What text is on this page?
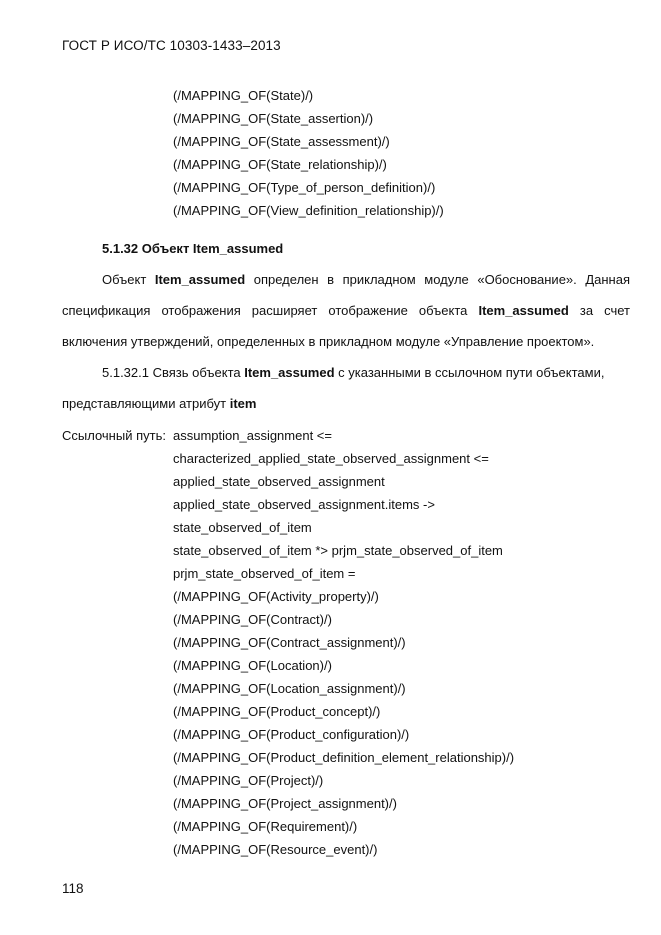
ГОСТ Р ИСО/ТС 10303-1433–2013
(/MAPPING_OF(State)/)
(/MAPPING_OF(State_assertion)/)
(/MAPPING_OF(State_assessment)/)
(/MAPPING_OF(State_relationship)/)
(/MAPPING_OF(Type_of_person_definition)/)
(/MAPPING_OF(View_definition_relationship)/)
5.1.32 Объект Item_assumed
Объект Item_assumed определен в прикладном модуле «Обоснование». Данная
спецификация отображения расширяет отображение объекта Item_assumed за счет
включения утверждений, определенных в прикладном модуле «Управление проектом».
5.1.32.1 Связь объекта Item_assumed с указанными в ссылочном пути объектами,
представляющими атрибут item
Ссылочный путь: assumption_assignment <=
characterized_applied_state_observed_assignment <=
applied_state_observed_assignment
applied_state_observed_assignment.items ->
state_observed_of_item
state_observed_of_item *> prjm_state_observed_of_item
prjm_state_observed_of_item =
(/MAPPING_OF(Activity_property)/)
(/MAPPING_OF(Contract)/)
(/MAPPING_OF(Contract_assignment)/)
(/MAPPING_OF(Location)/)
(/MAPPING_OF(Location_assignment)/)
(/MAPPING_OF(Product_concept)/)
(/MAPPING_OF(Product_configuration)/)
(/MAPPING_OF(Product_definition_element_relationship)/)
(/MAPPING_OF(Project)/)
(/MAPPING_OF(Project_assignment)/)
(/MAPPING_OF(Requirement)/)
(/MAPPING_OF(Resource_event)/)
118
